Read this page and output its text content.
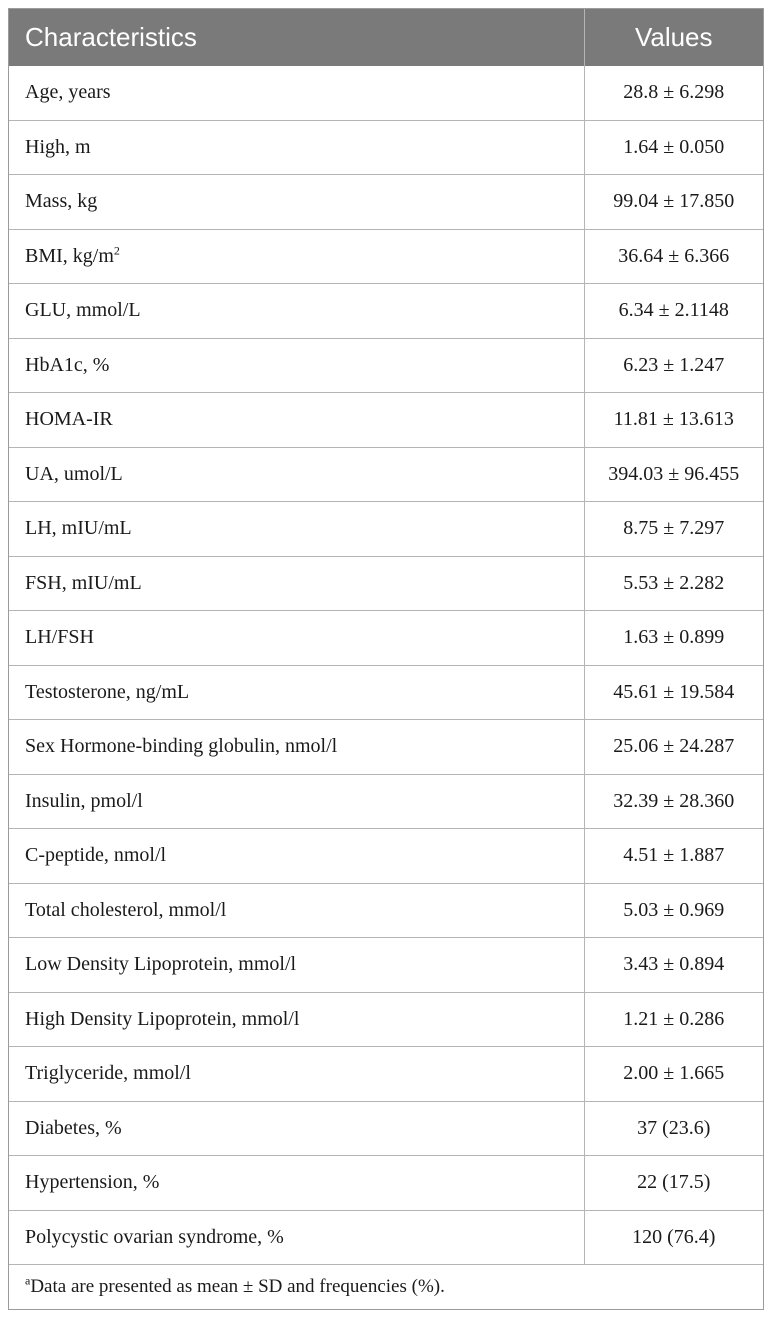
Characteristics	Values
Age, years	28.8 ± 6.298
High, m	1.64 ± 0.050
Mass, kg	99.04 ± 17.850
BMI, $kg/m^2$	36.64 ± 6.366
GLU, mmol/L	6.34 ± 2.1148
HbA1c, %	6.23 ± 1.247
HOMA-IR	11.81 ± 13.613
UA, umol/L	394.03 ± 96.455
LH, mIU/mL	8.75 ± 7.297
FSH, mIU/mL	5.53 ± 2.282
LH/FSH	1.63 ± 0.899
Testosterone, ng/mL	45.61 ± 19.584
Sex Hormone-binding globulin, nmol/l	25.06 ± 24.287
Insulin, pmol/l	32.39 ± 28.360
C-peptide, nmol/l	4.51 ± 1.887
Total cholesterol, mmol/l	5.03 ± 0.969
Low Density Lipoprotein, mmol/l	3.43 ± 0.894
High Density Lipoprotein, mmol/l	1.21 ± 0.286
Triglyceride, mmol/l	2.00 ± 1.665
Diabetes, %	37 (23.6)
Hypertension, %	22 (17.5)
Polycystic ovarian syndrome, %	120 (76.4)
$^a$Data are presented as mean ± SD and frequencies (%).
